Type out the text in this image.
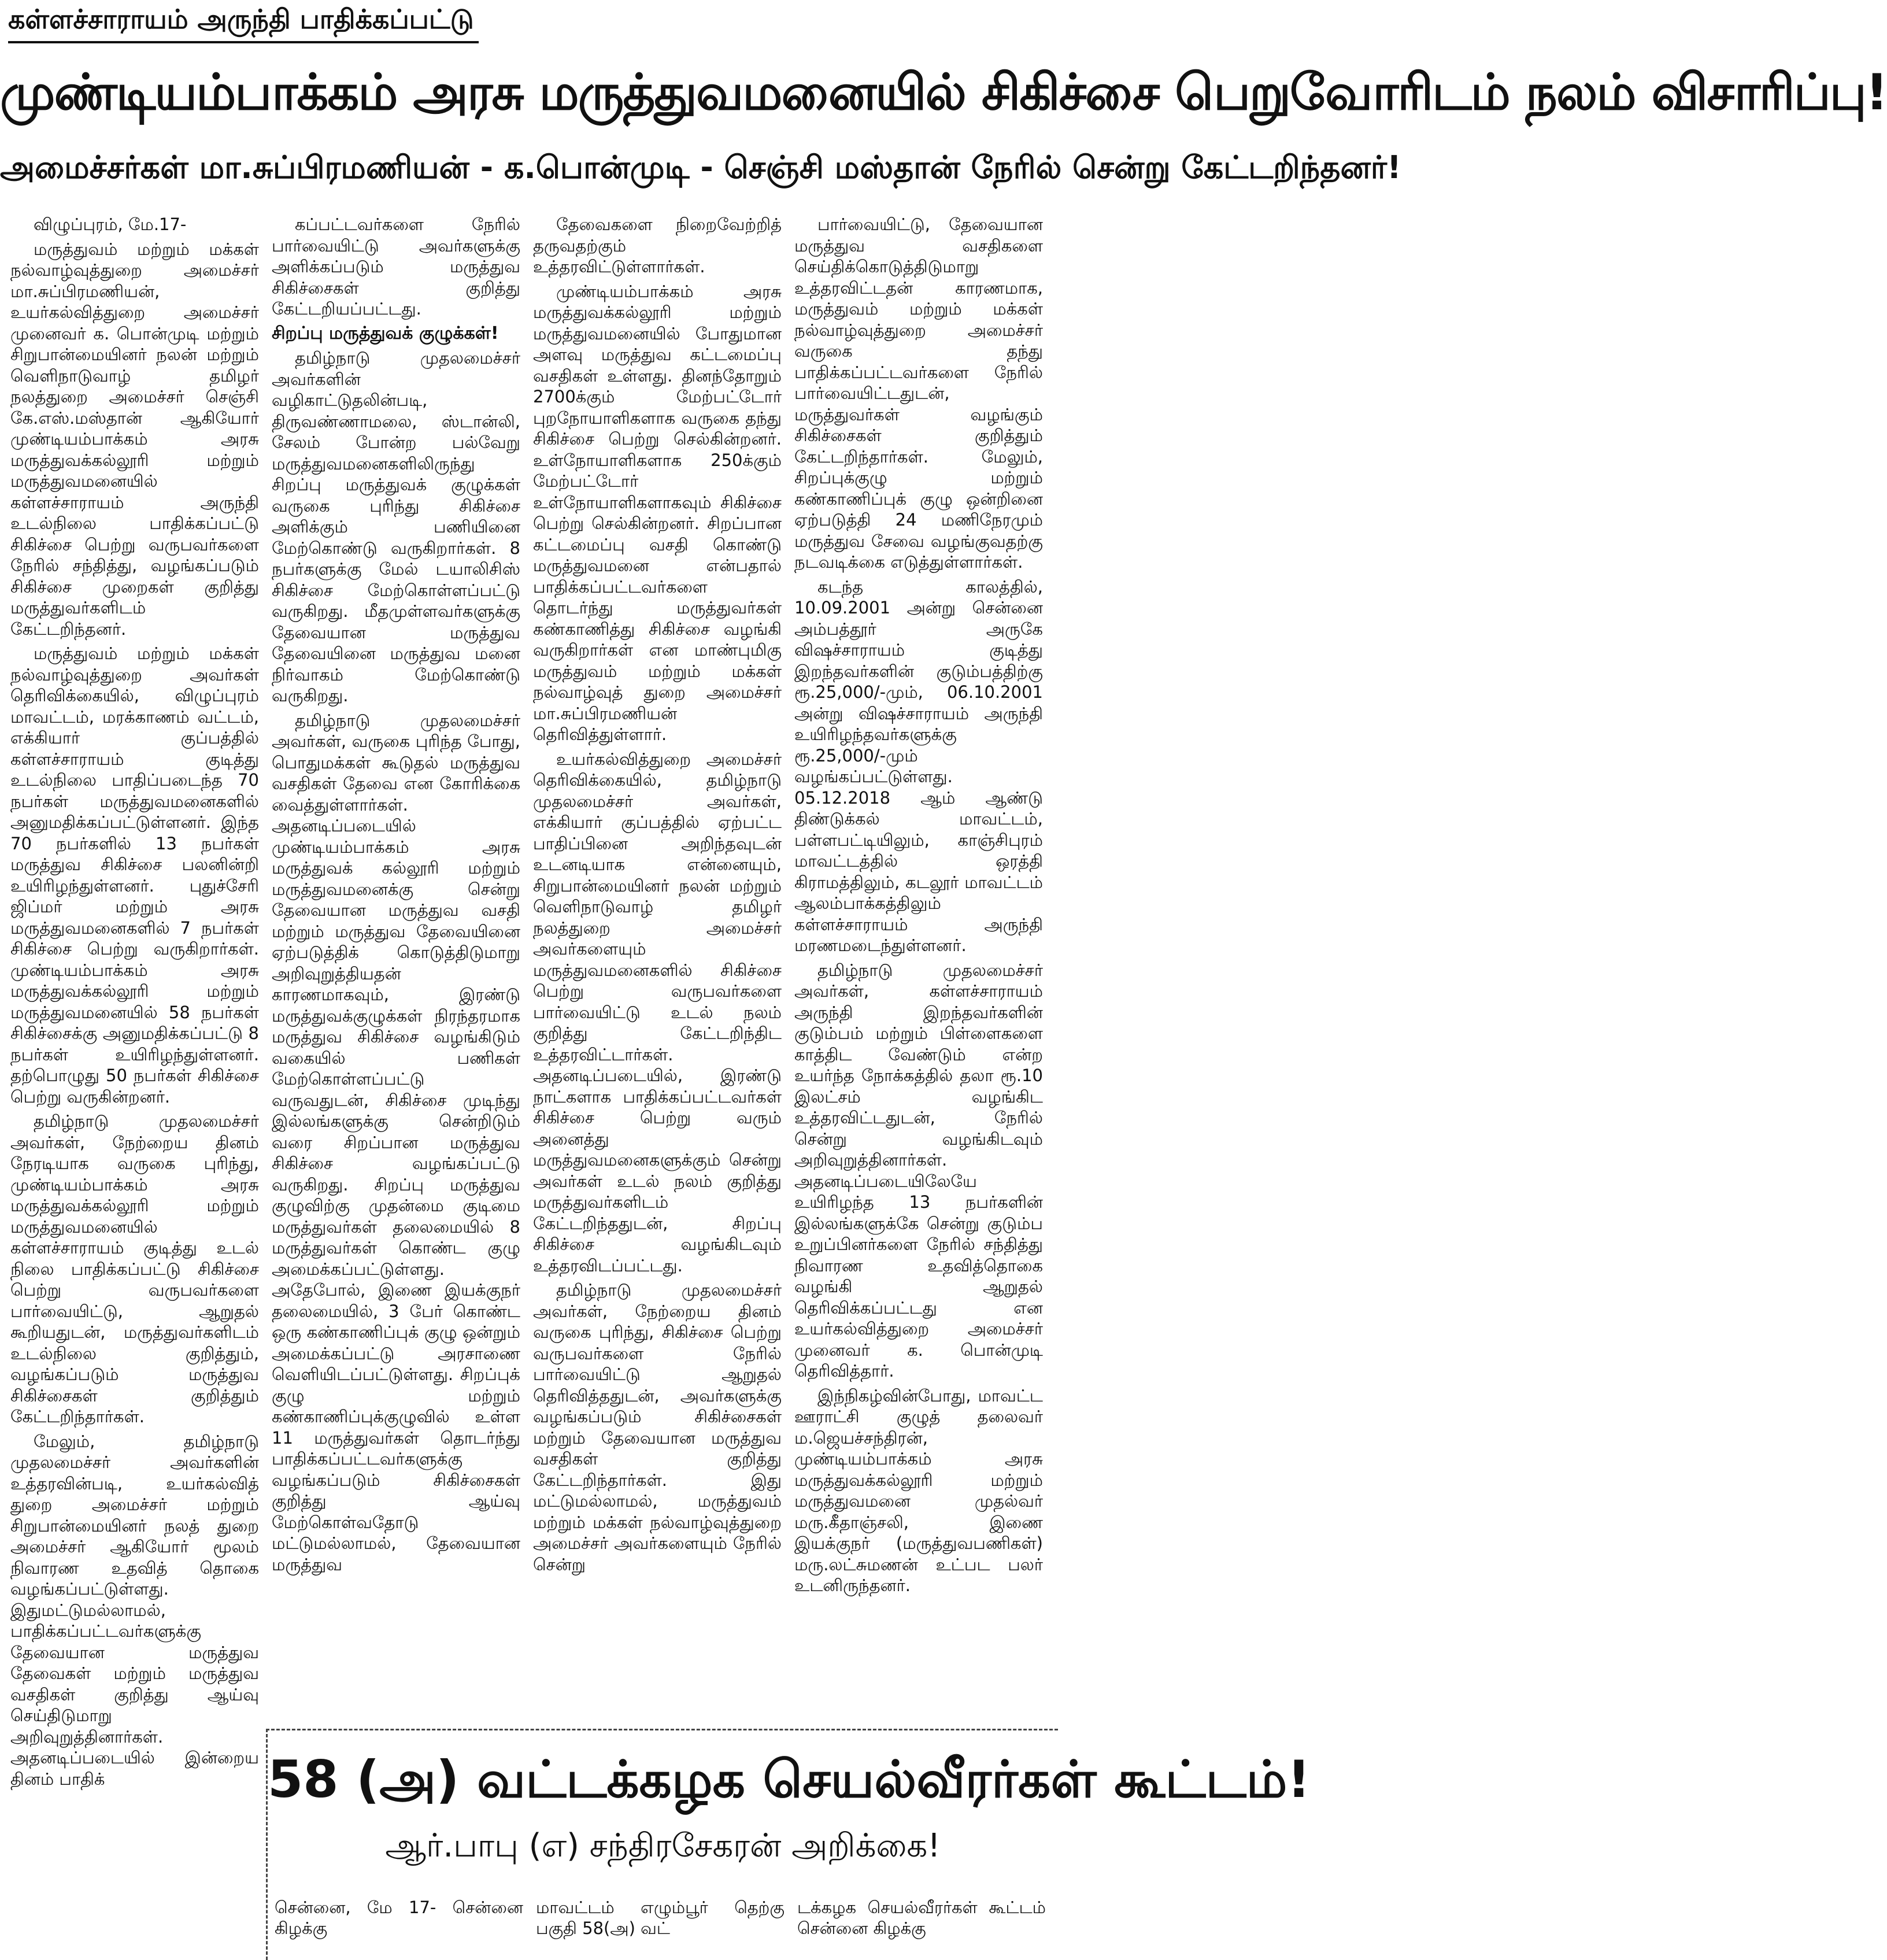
கள்ளச்சாராயம் அருந்தி பாதிக்கப்பட்டு
முண்டியம்பாக்கம் அரசு மருத்துவமனையில் சிகிச்சை பெறுவோரிடம் நலம் விசாரிப்பு!
அமைச்சர்கள் மா.சுப்பிரமணியன் - க.பொன்முடி - செஞ்சி மஸ்தான் நேரில் சென்று கேட்டறிந்தனர்!

விழுப்புரம், மே.17-

மருத்துவம் மற்றும் மக்கள் நல்வாழ்வுத்துறை அமைச்சர் மா.சுப்பிரமணியன், உயர்கல்வித்துறை அமைச்சர் முனைவர் க. பொன்முடி மற்றும் சிறுபான்மையினர் நலன் மற்றும் வெளிநாடுவாழ் தமிழர் நலத்துறை அமைச்சர் செஞ்சி கே.எஸ்.மஸ்தான் ஆகியோர் முண்டியம்பாக்கம் அரசு மருத்துவக்கல்லூரி மற்றும் மருத்துவமனையில் கள்ளச்சாராயம் அருந்தி உடல்நிலை பாதிக்கப்பட்டு சிகிச்சை பெற்று வருபவர்களை நேரில் சந்தித்து, வழங்கப்படும் சிகிச்சை முறைகள் குறித்து மருத்துவர்களிடம் கேட்டறிந்தனர்.

மருத்துவம் மற்றும் மக்கள் நல்வாழ்வுத்துறை அவர்கள் தெரிவிக்கையில், விழுப்புரம் மாவட்டம், மரக்காணம் வட்டம், எக்கியார் குப்பத்தில் கள்ளச்சாராயம் குடித்து உடல்நிலை பாதிப்படைந்த 70 நபர்கள் மருத்துவமனைகளில் அனுமதிக்கப்பட்டுள்ளனர். இந்த 70 நபர்களில் 13 நபர்கள் மருத்துவ சிகிச்சை பலனின்றி உயிரிழந்துள்ளனர். புதுச்சேரி ஜிப்மர் மற்றும் அரசு மருத்துவமனைகளில் 7 நபர்கள் சிகிச்சை பெற்று வருகிறார்கள். முண்டியம்பாக்கம் அரசு மருத்துவக்கல்லூரி மற்றும் மருத்துவமனையில் 58 நபர்கள் சிகிச்சைக்கு அனுமதிக்கப்பட்டு 8 நபர்கள் உயிரிழந்துள்ளனர். தற்பொழுது 50 நபர்கள் சிகிச்சை பெற்று வருகின்றனர்.

தமிழ்நாடு முதலமைச்சர் அவர்கள், நேற்றைய தினம் நேரடியாக வருகை புரிந்து, முண்டியம்பாக்கம் அரசு மருத்துவக்கல்லூரி மற்றும் மருத்துவமனையில் கள்ளச்சாராயம் குடித்து உடல் நிலை பாதிக்கப்பட்டு சிகிச்சை பெற்று வருபவர்களை பார்வையிட்டு, ஆறுதல் கூறியதுடன், மருத்துவர்களிடம் உடல்நிலை குறித்தும், வழங்கப்படும் மருத்துவ சிகிச்சைகள் குறித்தும் கேட்டறிந்தார்கள்.

மேலும், தமிழ்நாடு முதலமைச்சர் அவர்களின் உத்தரவின்படி, உயர்கல்வித் துறை அமைச்சர் மற்றும் சிறுபான்மையினர் நலத் துறை அமைச்சர் ஆகியோர் மூலம் நிவாரண உதவித் தொகை வழங்கப்பட்டுள்ளது. இதுமட்டுமல்லாமல், பாதிக்கப்பட்டவர்களுக்கு தேவையான மருத்துவ தேவைகள் மற்றும் மருத்துவ வசதிகள் குறித்து ஆய்வு செய்திடுமாறு அறிவுறுத்தினார்கள். அதனடிப்படையில் இன்றைய தினம் பாதிக்

கப்பட்டவர்களை நேரில் பார்வையிட்டு அவர்களுக்கு அளிக்கப்படும் மருத்துவ சிகிச்சைகள் குறித்து கேட்டறியப்பட்டது.

சிறப்பு மருத்துவக் குழுக்கள்!

தமிழ்நாடு முதலமைச்சர் அவர்களின் வழிகாட்டுதலின்படி, திருவண்ணாமலை, ஸ்டான்லி, சேலம் போன்ற பல்வேறு மருத்துவமனைகளிலிருந்து சிறப்பு மருத்துவக் குழுக்கள் வருகை புரிந்து சிகிச்சை அளிக்கும் பணியினை மேற்கொண்டு வருகிறார்கள். 8 நபர்களுக்கு மேல் டயாலிசிஸ் சிகிச்சை மேற்கொள்ளப்பட்டு வருகிறது. மீதமுள்ளவர்களுக்கு தேவையான மருத்துவ தேவையினை மருத்துவ மனை நிர்வாகம் மேற்கொண்டு வருகிறது.

தமிழ்நாடு முதலமைச்சர் அவர்கள், வருகை புரிந்த போது, பொதுமக்கள் கூடுதல் மருத்துவ வசதிகள் தேவை என கோரிக்கை வைத்துள்ளார்கள். அதனடிப்படையில் முண்டியம்பாக்கம் அரசு மருத்துவக் கல்லூரி மற்றும் மருத்துவமனைக்கு சென்று தேவையான மருத்துவ வசதி மற்றும் மருத்துவ தேவையினை ஏற்படுத்திக் கொடுத்திடுமாறு அறிவுறுத்தியதன் காரணமாகவும், இரண்டு மருத்துவக்குழுக்கள் நிரந்தரமாக மருத்துவ சிகிச்சை வழங்கிடும் வகையில் பணிகள் மேற்கொள்ளப்பட்டு வருவதுடன், சிகிச்சை முடிந்து இல்லங்களுக்கு சென்றிடும் வரை சிறப்பான மருத்துவ சிகிச்சை வழங்கப்பட்டு வருகிறது. சிறப்பு மருத்துவ குழுவிற்கு முதன்மை குடிமை மருத்துவர்கள் தலைமையில் 8 மருத்துவர்கள் கொண்ட குழு அமைக்கப்பட்டுள்ளது. அதேபோல், இணை இயக்குநர் தலைமையில், 3 பேர் கொண்ட ஒரு கண்காணிப்புக் குழு ஒன்றும் அமைக்கப்பட்டு அரசாணை வெளியிடப்பட்டுள்ளது. சிறப்புக் குழு மற்றும் கண்காணிப்புக்குழுவில் உள்ள 11 மருத்துவர்கள் தொடர்ந்து பாதிக்கப்பட்டவர்களுக்கு வழங்கப்படும் சிகிச்சைகள் குறித்து ஆய்வு மேற்கொள்வதோடு மட்டுமல்லாமல், தேவையான மருத்துவ

தேவைகளை நிறைவேற்றித் தருவதற்கும் உத்தரவிட்டுள்ளார்கள்.

முண்டியம்பாக்கம் அரசு மருத்துவக்கல்லூரி மற்றும் மருத்துவமனையில் போதுமான அளவு மருத்துவ கட்டமைப்பு வசதிகள் உள்ளது. தினந்தோறும் 2700க்கும் மேற்பட்டோர் புறநோயாளிகளாக வருகை தந்து சிகிச்சை பெற்று செல்கின்றனர். உள்நோயாளிகளாக 250க்கும் மேற்பட்டோர் உள்நோயாளிகளாகவும் சிகிச்சை பெற்று செல்கின்றனர். சிறப்பான கட்டமைப்பு வசதி கொண்டு மருத்துவமனை என்பதால் பாதிக்கப்பட்டவர்களை தொடர்ந்து மருத்துவர்கள் கண்காணித்து சிகிச்சை வழங்கி வருகிறார்கள் என மாண்புமிகு மருத்துவம் மற்றும் மக்கள் நல்வாழ்வுத் துறை அமைச்சர் மா.சுப்பிரமணியன் தெரிவித்துள்ளார்.

உயர்கல்வித்துறை அமைச்சர் தெரிவிக்கையில், தமிழ்நாடு முதலமைச்சர் அவர்கள், எக்கியார் குப்பத்தில் ஏற்பட்ட பாதிப்பினை அறிந்தவுடன் உடனடியாக என்னையும், சிறுபான்மையினர் நலன் மற்றும் வெளிநாடுவாழ் தமிழர் நலத்துறை அமைச்சர் அவர்களையும் மருத்துவமனைகளில் சிகிச்சை பெற்று வருபவர்களை பார்வையிட்டு உடல் நலம் குறித்து கேட்டறிந்திட உத்தரவிட்டார்கள். அதனடிப்படையில், இரண்டு நாட்களாக பாதிக்கப்பட்டவர்கள் சிகிச்சை பெற்று வரும் அனைத்து மருத்துவமனைகளுக்கும் சென்று அவர்கள் உடல் நலம் குறித்து மருத்துவர்களிடம் கேட்டறிந்ததுடன், சிறப்பு சிகிச்சை வழங்கிடவும் உத்தரவிடப்பட்டது.

தமிழ்நாடு முதலமைச்சர் அவர்கள், நேற்றைய தினம் வருகை புரிந்து, சிகிச்சை பெற்று வருபவர்களை நேரில் பார்வையிட்டு ஆறுதல் தெரிவித்ததுடன், அவர்களுக்கு வழங்கப்படும் சிகிச்சைகள் மற்றும் தேவையான மருத்துவ வசதிகள் குறித்து கேட்டறிந்தார்கள். இது மட்டுமல்லாமல், மருத்துவம் மற்றும் மக்கள் நல்வாழ்வுத்துறை அமைச்சர் அவர்களையும் நேரில் சென்று

பார்வையிட்டு, தேவையான மருத்துவ வசதிகளை செய்திக்கொடுத்திடுமாறு உத்தரவிட்டதன் காரணமாக, மருத்துவம் மற்றும் மக்கள் நல்வாழ்வுத்துறை அமைச்சர் வருகை தந்து பாதிக்கப்பட்டவர்களை நேரில் பார்வையிட்டதுடன், மருத்துவர்கள் வழங்கும் சிகிச்சைகள் குறித்தும் கேட்டறிந்தார்கள். மேலும், சிறப்புக்குழு மற்றும் கண்காணிப்புக் குழு ஒன்றினை ஏற்படுத்தி 24 மணிநேரமும் மருத்துவ சேவை வழங்குவதற்கு நடவடிக்கை எடுத்துள்ளார்கள்.

கடந்த காலத்தில், 10.09.2001 அன்று சென்னை அம்பத்தூர் அருகே விஷச்சாராயம் குடித்து இறந்தவர்களின் குடும்பத்திற்கு ரூ.25,000/-மும், 06.10.2001 அன்று விஷச்சாராயம் அருந்தி உயிரிழந்தவர்களுக்கு ரூ.25,000/-மும் வழங்கப்பட்டுள்ளது. 05.12.2018 ஆம் ஆண்டு திண்டுக்கல் மாவட்டம், பள்ளபட்டியிலும், காஞ்சிபுரம் மாவட்டத்தில் ஒரத்தி கிராமத்திலும், கடலூர் மாவட்டம் ஆலம்பாக்கத்திலும் கள்ளச்சாராயம் அருந்தி மரணமடைந்துள்ளனர்.

தமிழ்நாடு முதலமைச்சர் அவர்கள், கள்ளச்சாராயம் அருந்தி இறந்தவர்களின் குடும்பம் மற்றும் பிள்ளைகளை காத்திட வேண்டும் என்ற உயர்ந்த நோக்கத்தில் தலா ரூ.10 இலட்சம் வழங்கிட உத்தரவிட்டதுடன், நேரில் சென்று வழங்கிடவும் அறிவுறுத்தினார்கள். அதனடிப்படையிலேயே உயிரிழந்த 13 நபர்களின் இல்லங்களுக்கே சென்று குடும்ப உறுப்பினர்களை நேரில் சந்தித்து நிவாரண உதவித்தொகை வழங்கி ஆறுதல் தெரிவிக்கப்பட்டது என உயர்கல்வித்துறை அமைச்சர் முனைவர் க. பொன்முடி தெரிவித்தார்.

இந்நிகழ்வின்போது, மாவட்ட ஊராட்சி குழுத் தலைவர் ம.ஜெயச்சந்திரன், முண்டியம்பாக்கம் அரசு மருத்துவக்கல்லூரி மற்றும் மருத்துவமனை முதல்வர் மரு.கீதாஞ்சலி, இணை இயக்குநர் (மருத்துவபணிகள்) மரு.லட்சுமணன் உட்பட பலர் உடனிருந்தனர்.

58 (அ) வட்டக்கழக செயல்வீரர்கள் கூட்டம்!
ஆர்.பாபு (எ) சந்திரசேகரன் அறிக்கை!

சென்னை, மே 17- சென்னை கிழக்கு

மாவட்டம் எழும்பூர் தெற்கு பகுதி 58(அ) வட்

டக்கழக செயல்வீரர்கள் கூட்டம் சென்னை கிழக்கு
